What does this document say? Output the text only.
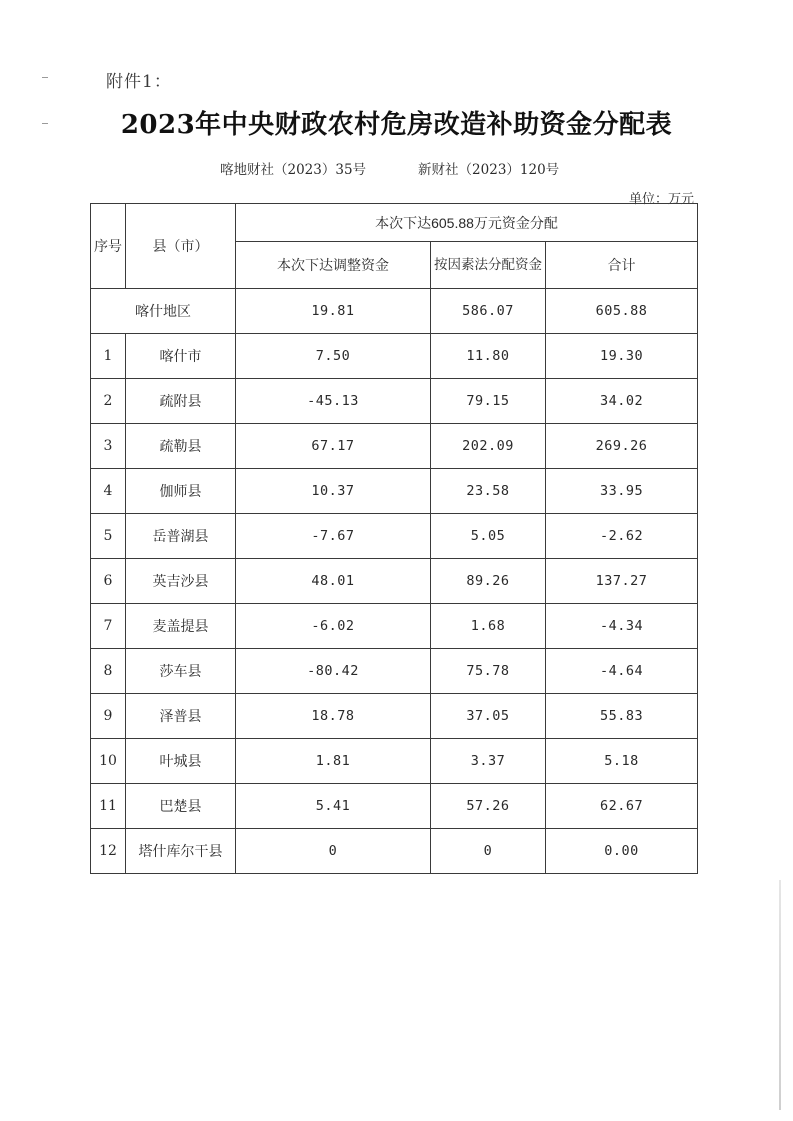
附件1：
2023年中央财政农村危房改造补助资金分配表
喀地财社（2023）35号	新财社（2023）120号
单位：万元
序号	县（市）	本次下达605.88万元资金分配		
		本次下达调整资金	按因素法分配资金	合计
喀什地区		19.81	586.07	605.88
1	喀什市	7.50	11.80	19.30
2	疏附县	-45.13	79.15	34.02
3	疏勒县	67.17	202.09	269.26
4	伽师县	10.37	23.58	33.95
5	岳普湖县	-7.67	5.05	-2.62
6	英吉沙县	48.01	89.26	137.27
7	麦盖提县	-6.02	1.68	-4.34
8	莎车县	-80.42	75.78	-4.64
9	泽普县	18.78	37.05	55.83
10	叶城县	1.81	3.37	5.18
11	巴楚县	5.41	57.26	62.67
12	塔什库尔干县	0	0	0.00
